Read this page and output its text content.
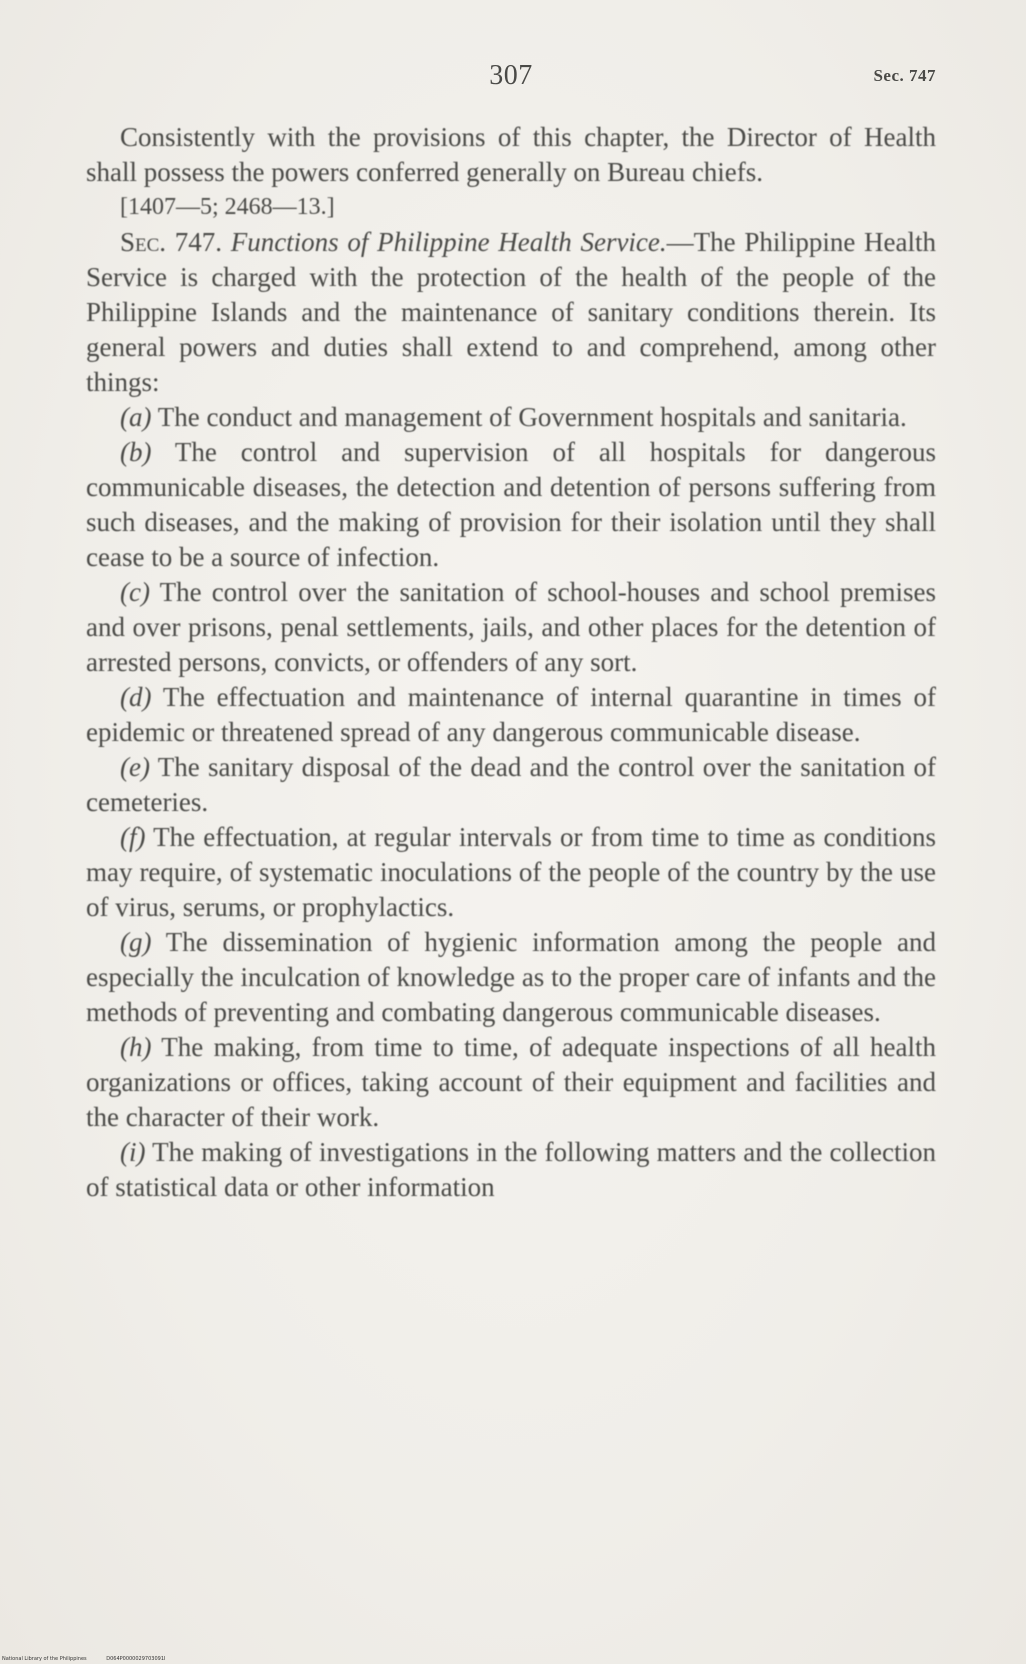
307	Sec. 747

Consistently with the provisions of this chapter, the Director of Health shall possess the powers conferred generally on Bureau chiefs.

[1407—5; 2468—13.]

Sec. 747. Functions of Philippine Health Service.—The Philippine Health Service is charged with the protection of the health of the people of the Philippine Islands and the maintenance of sanitary conditions therein. Its general powers and duties shall extend to and comprehend, among other things:

(a) The conduct and management of Government hospitals and sanitaria.

(b) The control and supervision of all hospitals for dangerous communicable diseases, the detection and detention of persons suffering from such diseases, and the making of provision for their isolation until they shall cease to be a source of infection.

(c) The control over the sanitation of school-houses and school premises and over prisons, penal settlements, jails, and other places for the detention of arrested persons, convicts, or offenders of any sort.

(d) The effectuation and maintenance of internal quarantine in times of epidemic or threatened spread of any dangerous communicable disease.

(e) The sanitary disposal of the dead and the control over the sanitation of cemeteries.

(f) The effectuation, at regular intervals or from time to time as conditions may require, of systematic inoculations of the people of the country by the use of virus, serums, or prophylactics.

(g) The dissemination of hygienic information among the people and especially the inculcation of knowledge as to the proper care of infants and the methods of preventing and combating dangerous communicable diseases.

(h) The making, from time to time, of adequate inspections of all health organizations or offices, taking account of their equipment and facilities and the character of their work.

(i) The making of investigations in the following matters and the collection of statistical data or other information

National Library of the Philippines	D064P0000029703091I
